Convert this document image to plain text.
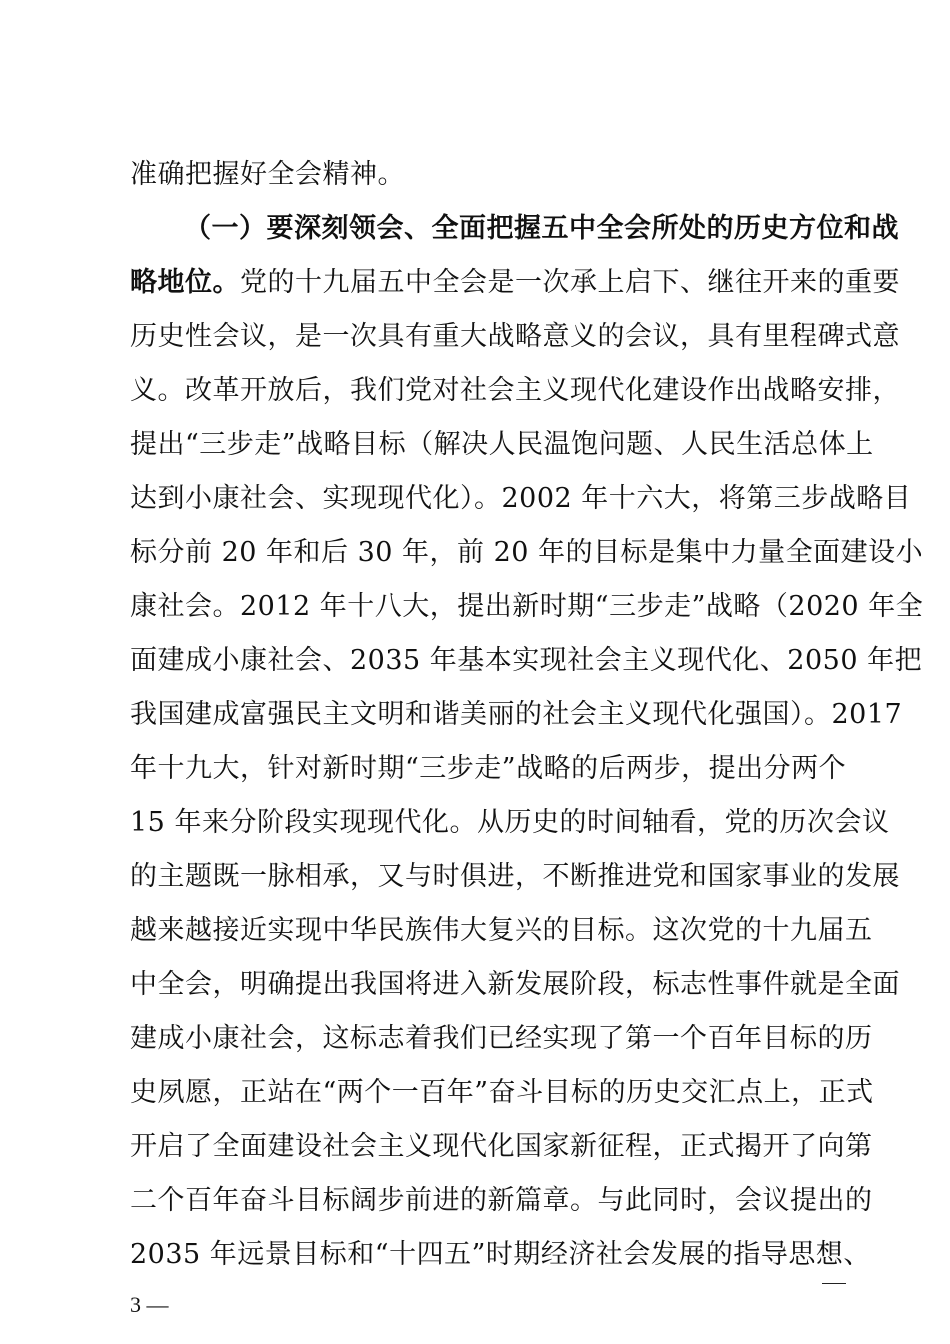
准确把握好全会精神。
（一）要深刻领会、全面把握五中全会所处的历史方位和战
略地位。党的十九届五中全会是一次承上启下、继往开来的重要
历史性会议，是一次具有重大战略意义的会议，具有里程碑式意
义。改革开放后，我们党对社会主义现代化建设作出战略安排，
提出“三步走”战略目标（解决人民温饱问题、人民生活总体上
达到小康社会、实现现代化）。2002 年十六大，将第三步战略目
标分前 20 年和后 30 年，前 20 年的目标是集中力量全面建设小
康社会。2012 年十八大，提出新时期“三步走”战略（2020 年全
面建成小康社会、2035 年基本实现社会主义现代化、2050 年把
我国建成富强民主文明和谐美丽的社会主义现代化强国）。2017
年十九大，针对新时期“三步走”战略的后两步，提出分两个
15 年来分阶段实现现代化。从历史的时间轴看，党的历次会议
的主题既一脉相承，又与时俱进，不断推进党和国家事业的发展
越来越接近实现中华民族伟大复兴的目标。这次党的十九届五
中全会，明确提出我国将进入新发展阶段，标志性事件就是全面
建成小康社会，这标志着我们已经实现了第一个百年目标的历
史夙愿，正站在“两个一百年”奋斗目标的历史交汇点上，正式
开启了全面建设社会主义现代化国家新征程，正式揭开了向第
二个百年奋斗目标阔步前进的新篇章。与此同时，会议提出的
2035 年远景目标和“十四五”时期经济社会发展的指导思想、
3 —
